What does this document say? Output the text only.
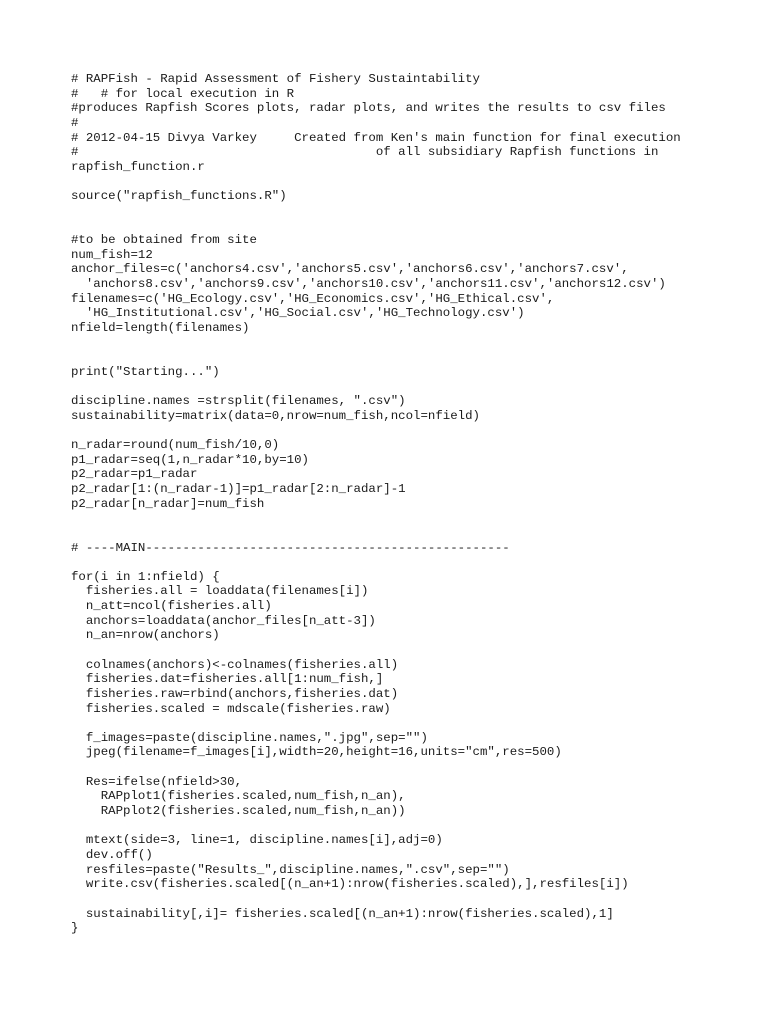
# RAPFish - Rapid Assessment of Fishery Sustaintability
#   # for local execution in R
#produces Rapfish Scores plots, radar plots, and writes the results to csv files
#
# 2012-04-15 Divya Varkey     Created from Ken's main function for final execution
#                                        of all subsidiary Rapfish functions in
rapfish_function.r
source("rapfish_functions.R")
#to be obtained from site
num_fish=12
anchor_files=c('anchors4.csv','anchors5.csv','anchors6.csv','anchors7.csv',
'anchors8.csv','anchors9.csv','anchors10.csv','anchors11.csv','anchors12.csv')
filenames=c('HG_Ecology.csv','HG_Economics.csv','HG_Ethical.csv',
'HG_Institutional.csv','HG_Social.csv','HG_Technology.csv')
nfield=length(filenames)
print("Starting...")
discipline.names =strsplit(filenames, ".csv")
sustainability=matrix(data=0,nrow=num_fish,ncol=nfield)
n_radar=round(num_fish/10,0)
p1_radar=seq(1,n_radar*10,by=10)
p2_radar=p1_radar
p2_radar[1:(n_radar-1)]=p1_radar[2:n_radar]-1
p2_radar[n_radar]=num_fish
# ----MAIN-------------------------------------------------
for(i in 1:nfield) {
fisheries.all = loaddata(filenames[i])
n_att=ncol(fisheries.all)
anchors=loaddata(anchor_files[n_att-3])
n_an=nrow(anchors)
colnames(anchors)<-colnames(fisheries.all)
fisheries.dat=fisheries.all[1:num_fish,]
fisheries.raw=rbind(anchors,fisheries.dat)
fisheries.scaled = mdscale(fisheries.raw)
f_images=paste(discipline.names,".jpg",sep="")
jpeg(filename=f_images[i],width=20,height=16,units="cm",res=500)
Res=ifelse(nfield>30,
RAPplot1(fisheries.scaled,num_fish,n_an),
RAPplot2(fisheries.scaled,num_fish,n_an))
mtext(side=3, line=1, discipline.names[i],adj=0)
dev.off()
resfiles=paste("Results_",discipline.names,".csv",sep="")
write.csv(fisheries.scaled[(n_an+1):nrow(fisheries.scaled),],resfiles[i])
sustainability[,i]= fisheries.scaled[(n_an+1):nrow(fisheries.scaled),1]
}
